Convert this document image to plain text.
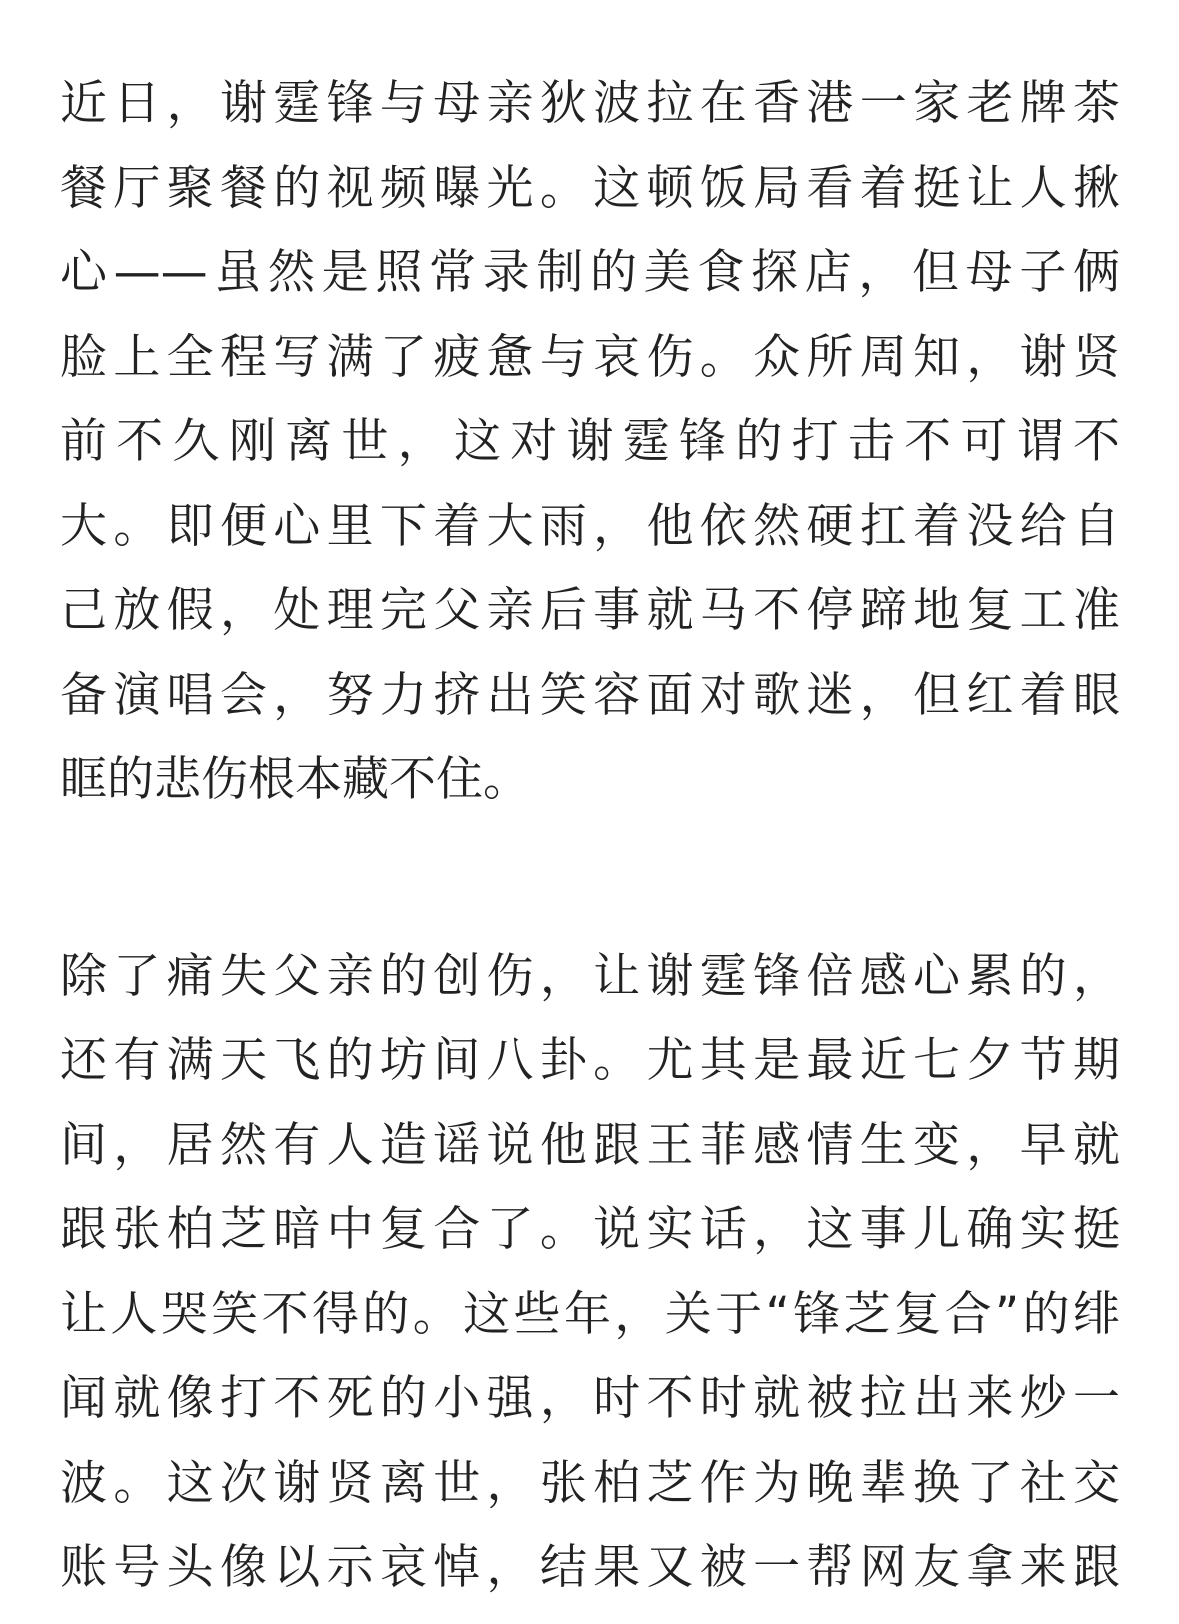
近日，谢霆锋与母亲狄波拉在香港一家老牌茶
餐厅聚餐的视频曝光。这顿饭局看着挺让人揪
心——虽然是照常录制的美食探店，但母子俩
脸上全程写满了疲惫与哀伤。众所周知，谢贤
前不久刚离世，这对谢霆锋的打击不可谓不
大。即便心里下着大雨，他依然硬扛着没给自
己放假，处理完父亲后事就马不停蹄地复工准
备演唱会，努力挤出笑容面对歌迷，但红着眼
眶的悲伤根本藏不住。
除了痛失父亲的创伤，让谢霆锋倍感心累的，
还有满天飞的坊间八卦。尤其是最近七夕节期
间，居然有人造谣说他跟王菲感情生变，早就
跟张柏芝暗中复合了。说实话，这事儿确实挺
让人哭笑不得的。这些年，关于“锋芝复合”的绯
闻就像打不死的小强，时不时就被拉出来炒一
波。这次谢贤离世，张柏芝作为晚辈换了社交
账号头像以示哀悼，结果又被一帮网友拿来跟
